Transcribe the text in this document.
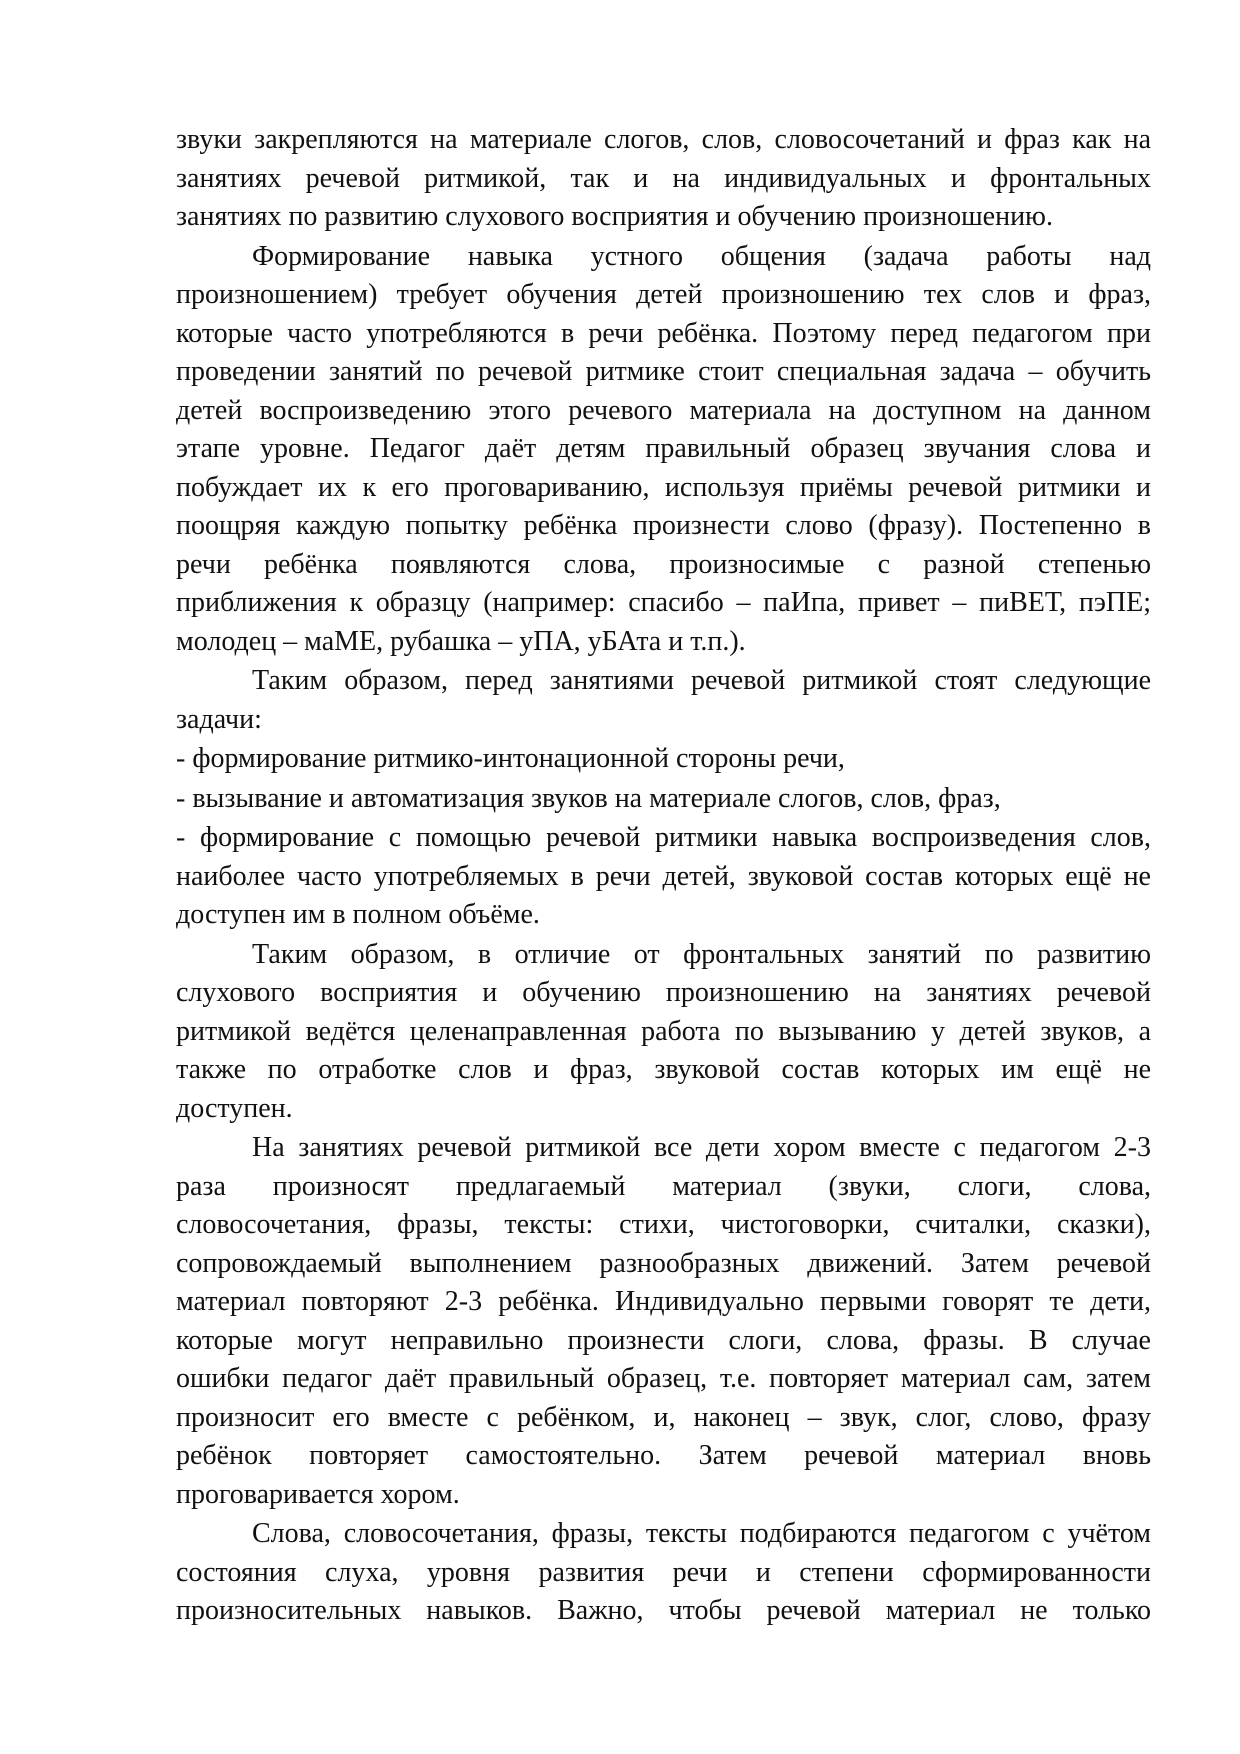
звуки закрепляются на материале слогов, слов, словосочетаний и фраз как на
занятиях речевой ритмикой, так и на индивидуальных и фронтальных
занятиях по развитию слухового восприятия и обучению произношению.
Формирование навыка устного общения (задача работы над
произношением) требует обучения детей произношению тех слов и фраз,
которые часто употребляются в речи ребёнка. Поэтому перед педагогом при
проведении занятий по речевой ритмике стоит специальная задача – обучить
детей воспроизведению этого речевого материала на доступном на данном
этапе уровне. Педагог даёт детям правильный образец звучания слова и
побуждает их к его проговариванию, используя приёмы речевой ритмики и
поощряя каждую попытку ребёнка произнести слово (фразу). Постепенно в
речи ребёнка появляются слова, произносимые с разной степенью
приближения к образцу (например: спасибо – паИпа, привет – пиВЕТ, пэПЕ;
молодец – маМЕ, рубашка – уПА, уБАта и т.п.).
Таким образом, перед занятиями речевой ритмикой стоят следующие
задачи:
- формирование ритмико-интонационной стороны речи,
- вызывание и автоматизация звуков на материале слогов, слов, фраз,
- формирование с помощью речевой ритмики навыка воспроизведения слов,
наиболее часто употребляемых в речи детей, звуковой состав которых ещё не
доступен им в полном объёме.
Таким образом, в отличие от фронтальных занятий по развитию
слухового восприятия и обучению произношению на занятиях речевой
ритмикой ведётся целенаправленная работа по вызыванию у детей звуков, а
также по отработке слов и фраз, звуковой состав которых им ещё не
доступен.
На занятиях речевой ритмикой все дети хором вместе с педагогом 2-3
раза произносят предлагаемый материал (звуки, слоги, слова,
словосочетания, фразы, тексты: стихи, чистоговорки, считалки, сказки),
сопровождаемый выполнением разнообразных движений. Затем речевой
материал повторяют 2-3 ребёнка. Индивидуально первыми говорят те дети,
которые могут неправильно произнести слоги, слова, фразы. В случае
ошибки педагог даёт правильный образец, т.е. повторяет материал сам, затем
произносит его вместе с ребёнком, и, наконец – звук, слог, слово, фразу
ребёнок повторяет самостоятельно. Затем речевой материал вновь
проговаривается хором.
Слова, словосочетания, фразы, тексты подбираются педагогом с учётом
состояния слуха, уровня развития речи и степени сформированности
произносительных навыков. Важно, чтобы речевой материал не только
